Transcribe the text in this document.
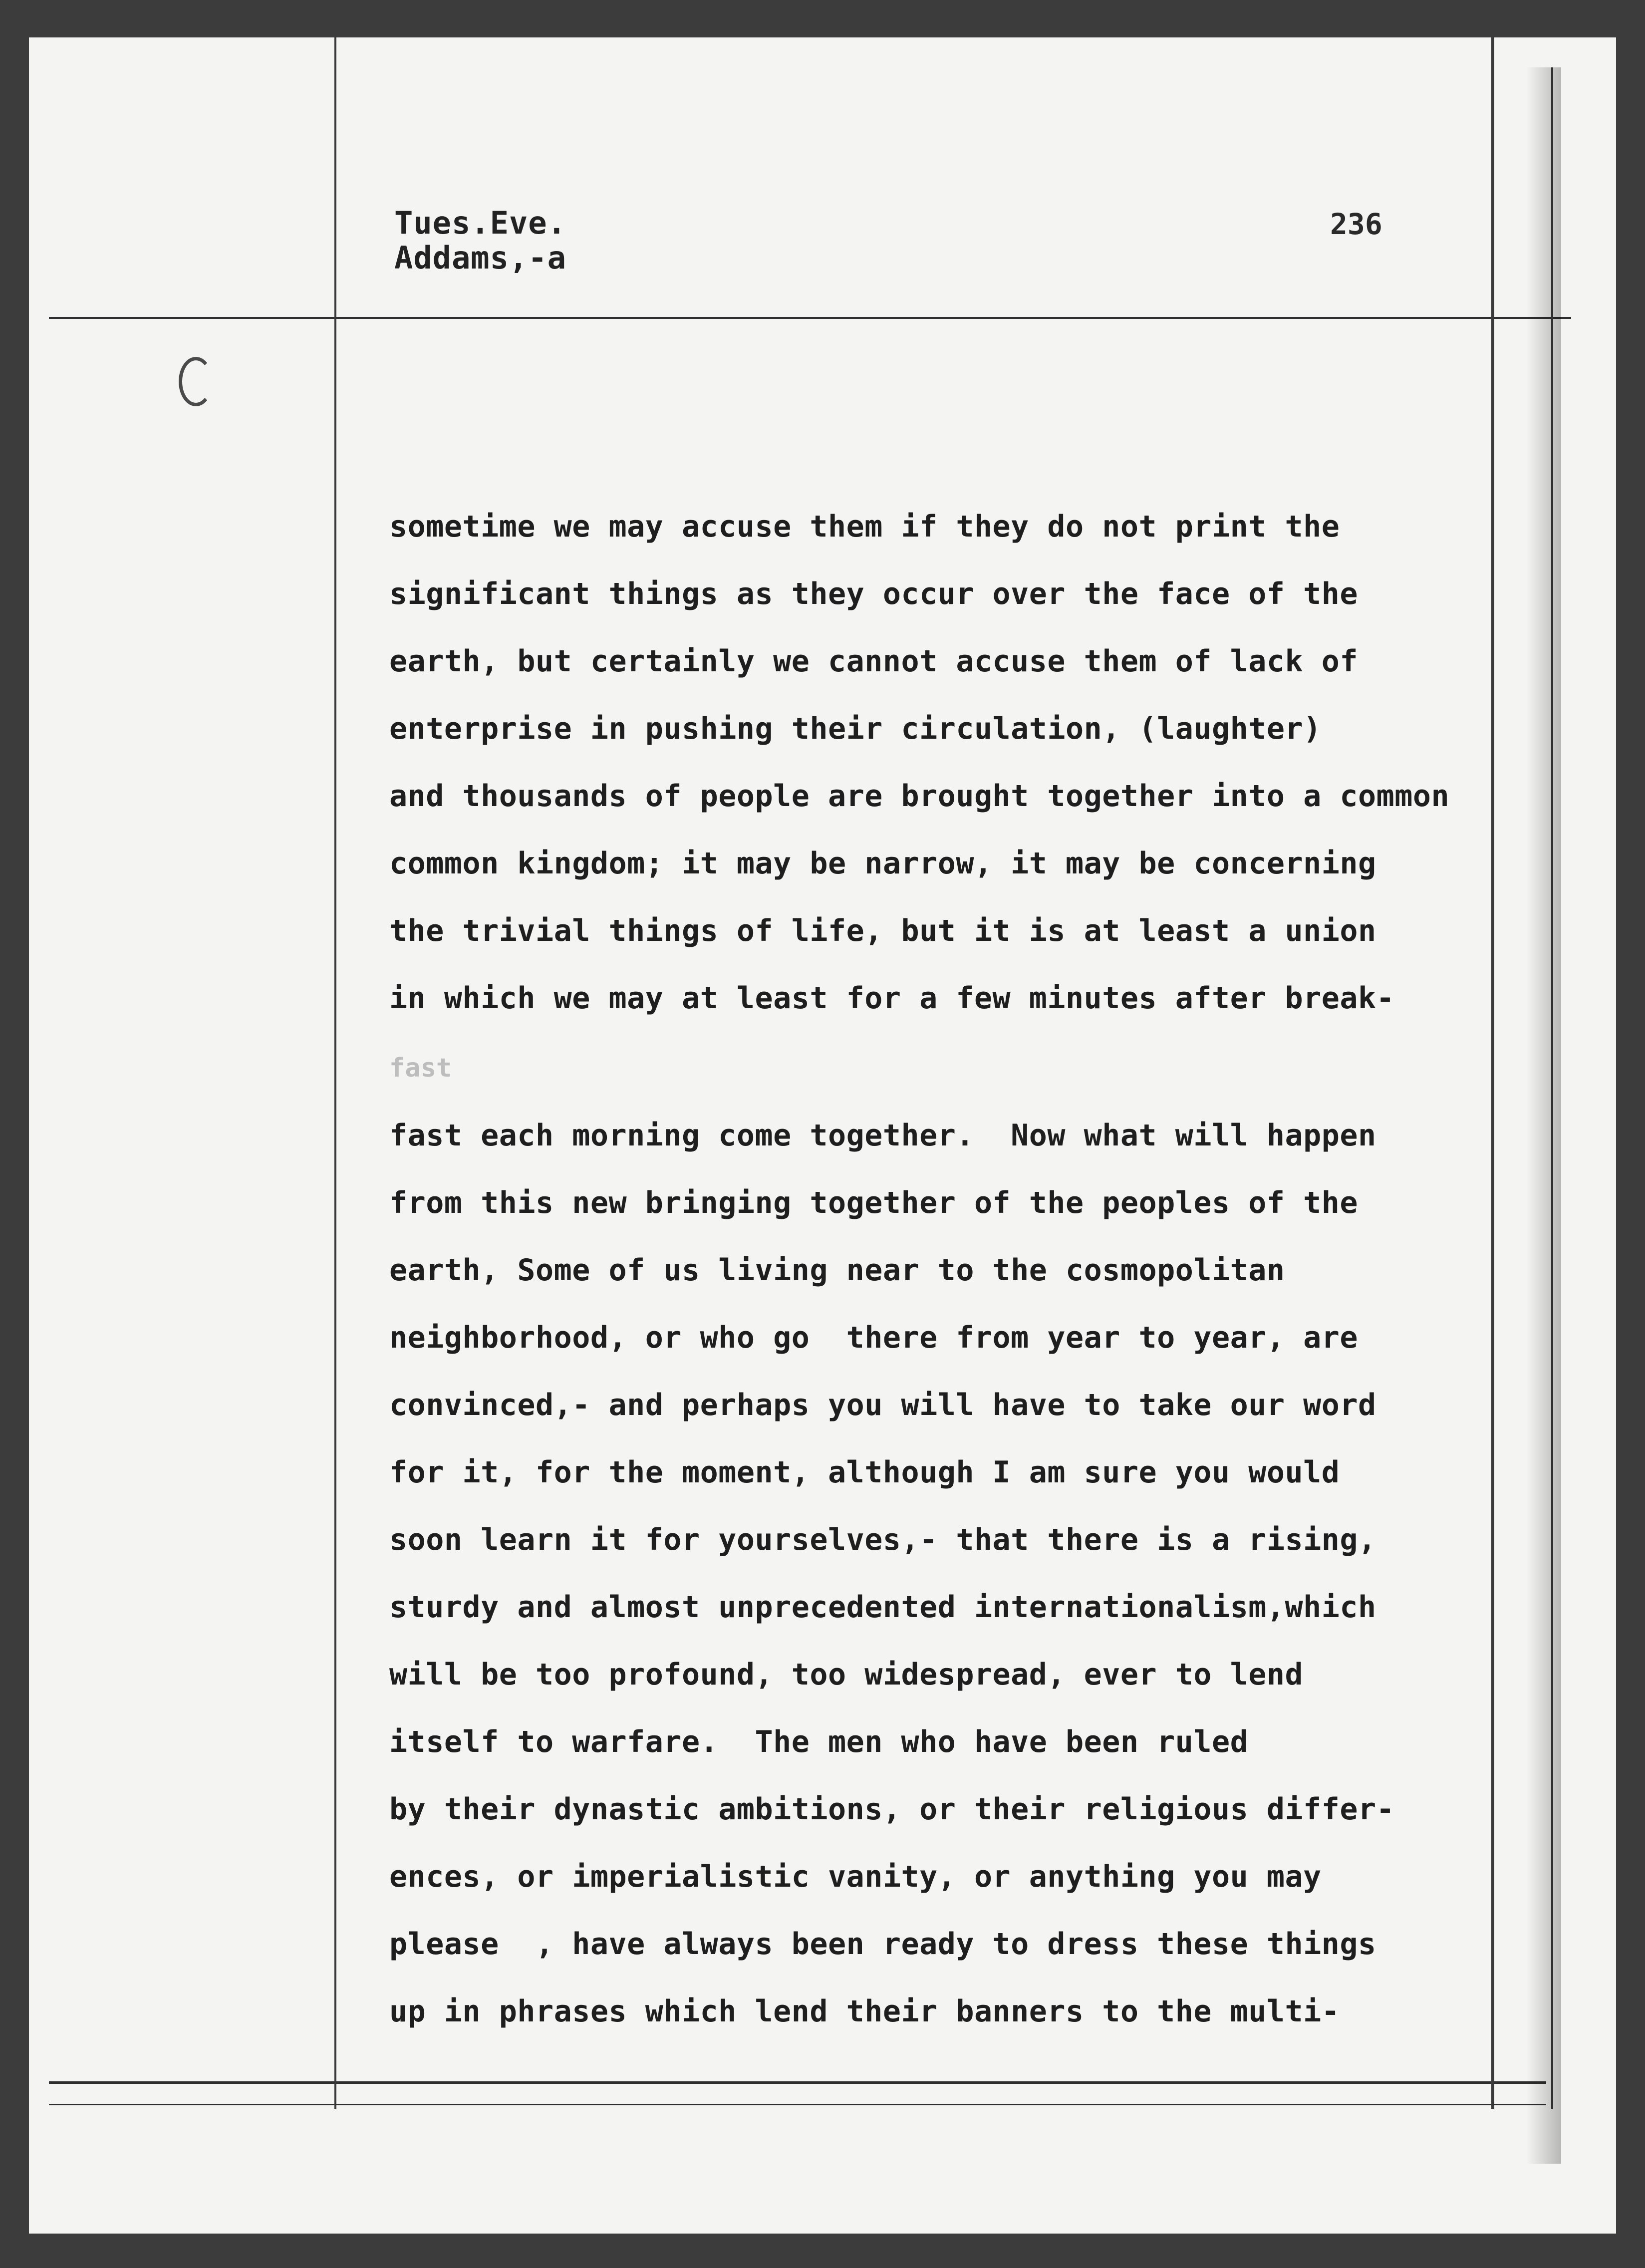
Tues.Eve.
Addams,-a
236
sometime we may accuse them if they do not print the
significant things as they occur over the face of the
earth, but certainly we cannot accuse them of lack of
enterprise in pushing their circulation, (laughter)
and thousands of people are brought together into a common
common kingdom; it may be narrow, it may be concerning
the trivial things of life, but it is at least a union
in which we may at least for a few minutes after break-
fast
fast each morning come together.  Now what will happen
from this new bringing together of the peoples of the
earth, Some of us living near to the cosmopolitan
neighborhood, or who go  there from year to year, are
convinced,- and perhaps you will have to take our word
for it, for the moment, although I am sure you would
soon learn it for yourselves,- that there is a rising,
sturdy and almost unprecedented internationalism,which
will be too profound, too widespread, ever to lend
itself to warfare.  The men who have been ruled
by their dynastic ambitions, or their religious differ-
ences, or imperialistic vanity, or anything you may
please  , have always been ready to dress these things
up in phrases which lend their banners to the multi-
